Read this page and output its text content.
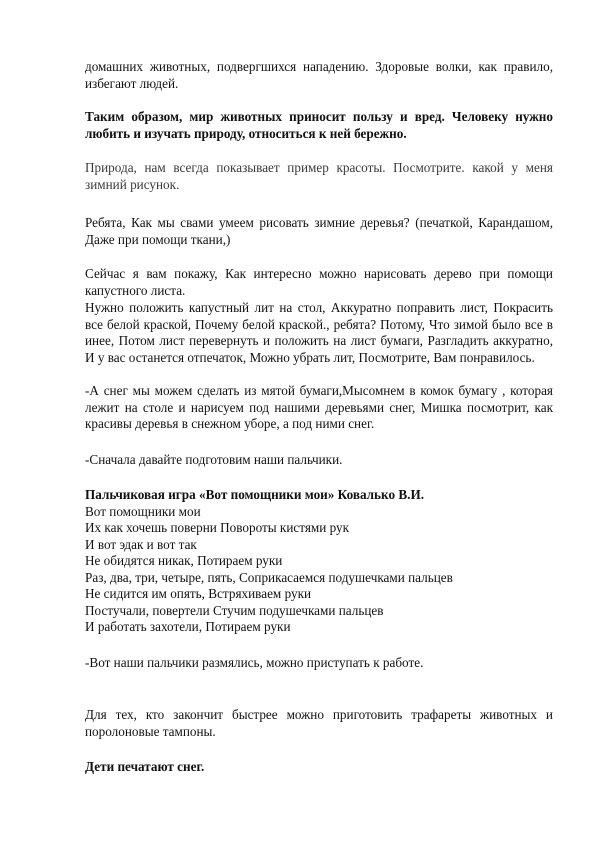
домашних животных, подвергшихся нападению. Здоровые волки, как правило, избегают людей.

Таким образом, мир животных приносит пользу и вред. Человеку нужно любить и изучать природу, относиться к ней бережно.

Природа, нам всегда показывает пример красоты. Посмотрите. какой у меня зимний рисунок.

Ребята, Как мы свами умеем рисовать зимние деревья? (печаткой, Карандашом, Даже при помощи ткани,)

Сейчас я вам покажу, Как интересно можно нарисовать дерево при помощи капустного листа.

Нужно положить капустный лит на стол, Аккуратно поправить лист, Покрасить все белой краской, Почему белой краской., ребята? Потому, Что зимой было все в инее, Потом лист перевернуть и положить на лист бумаги, Разгладить аккуратно, И у вас останется отпечаток, Можно убрать лит, Посмотрите, Вам понравилось.

-А снег мы можем сделать из мятой бумаги,Мысомнем в комок бумагу , которая лежит на столе и нарисуем под нашими деревьями снег, Мишка посмотрит, как красивы деревья в снежном уборе, а под ними снег.

-Сначала давайте подготовим наши пальчики.

Пальчиковая игра «Вот помощники мои» Ковалько В.И.
Вот помощники мои
Их как хочешь поверни Повороты кистями рук
И вот эдак и вот так
Не обидятся никак, Потираем руки
Раз, два, три, четыре, пять, Соприкасаемся подушечками пальцев
Не сидится им опять, Встряхиваем руки
Постучали, повертели Стучим подушечками пальцев
И работать захотели, Потираем руки

-Вот наши пальчики размялись, можно приступать к работе.

Для тех, кто закончит быстрее можно приготовить трафареты животных и поролоновые тампоны.

Дети печатают снег.
